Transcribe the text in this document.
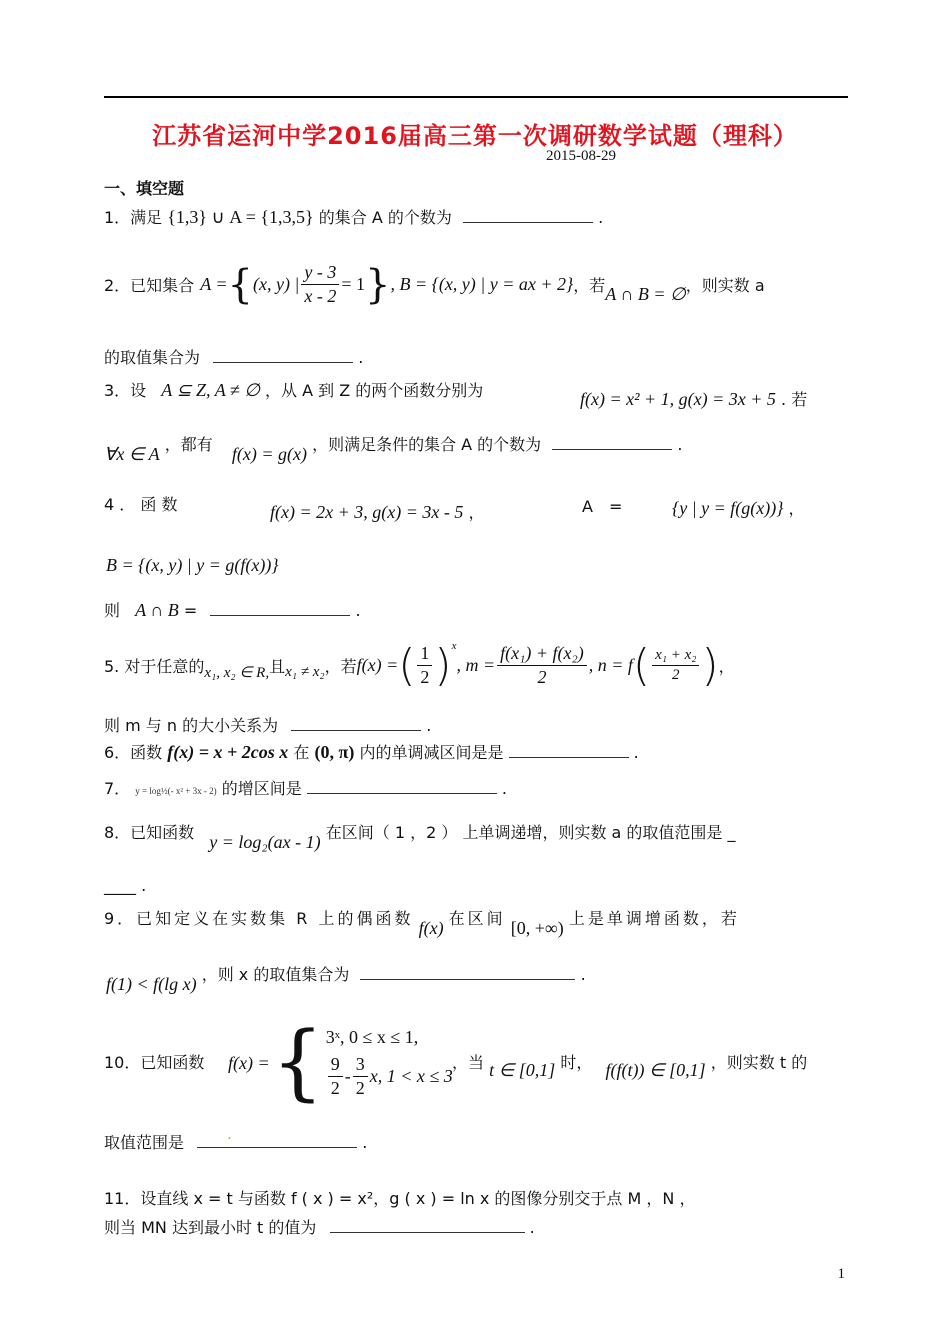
江苏省运河中学2016届高三第一次调研数学试题（理科）
2015-08-29
一、填空题
1．满足 {1,3} ∪ A = {1,3,5} 的集合 A 的个数为	.
2．已知集合 A = { (x, y) | $\frac{y - 3}{x - 2} = 1$ } , B = {(x, y) | y = ax + 2} ，若 A ∩ B = ∅ ，则实数 a
的取值集合为	.
3．设 A ⊆ Z, A ≠ ∅ ，从 A 到 Z 的两个函数分别为	f(x) = x² + 1, g(x) = 3x + 5 . 若
∀x ∈ A ，都有 f(x) = g(x) ，则满足条件的集合 A 的个数为	.
4 ． 函 数	f(x) = 2x + 3, g(x) = 3x - 5 ，	A　=	{y | y = f(g(x))} ，
B = {(x, y) | y = g(f(x))}
则 A ∩ B =	.
5. 对于任意的 x₁, x₂ ∈ R, 且 x₁ ≠ x₂ ，若 f(x) = ( $\frac{1}{2}$ ) x
, $m = \frac{\text{f(x₁) + f(x₂)}}{2}$ , n = f ( $\frac{\text{x₁ + x₂}}{2}$ ) ，
则 m 与 n 的大小关系为	.
6．函数 f(x) = x + 2cos x 在 (0, π) 内的单调减区间是是	.
7． y = log½(- x² + 3x - 2) 的增区间是	.
8．已知函数 y = log₂(ax - 1) 在区间（ 1 ，2 ） 上单调递增，则实数 a 的取值范围是 _
____ .
9．已知定义在实数集 R 上的偶函数 f(x) 在区间 [0, +∞) 上是单调增函数，若
f(1) < f(lg x) ，则 x 的取值集合为	.
10．已知函数 f(x) = { 3ˣ, 0 ≤ x ≤ 1,
$\frac{9}{2} - \frac{3}{2} x$, 1 < x ≤ 3
，当 t ∈ [0,1] 时， f(f(t)) ∈ [0,1] ，则实数 t 的
取值范围是	.	.
11．设直线 x = t 与函数 f ( x ) = x²，g ( x ) = ln x 的图像分别交于点 M ，N ，
则当 MN 达到最小时 t 的值为	.
1
